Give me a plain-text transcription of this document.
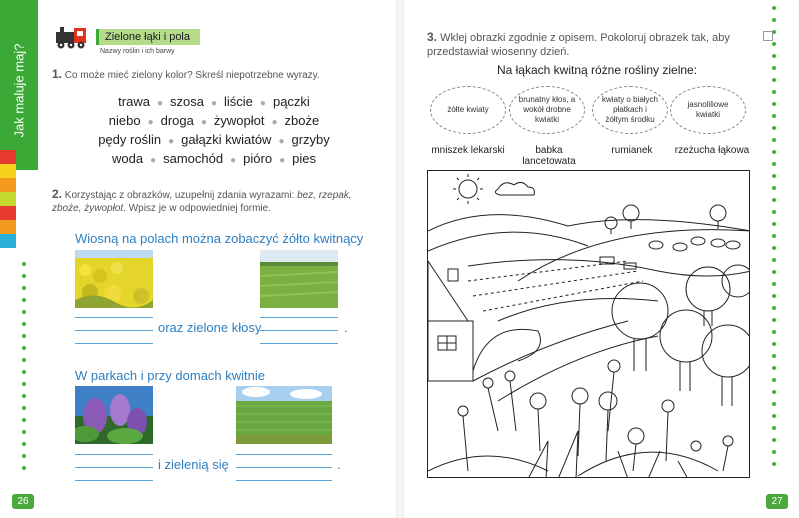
Jak maluje maj?
26
Zielone łąki i pola
Nazwy roślin i ich barwy
1. Co może mieć zielony kolor? Skreśl niepotrzebne wyrazy.
trawa ● szosa ● liście ● pączki
niebo ● droga ● żywopłot ● zboże
pędy roślin ● gałązki kwiatów ● grzyby
woda ● samochód ● pióro ● pies
2. Korzystając z obrazków, uzupełnij zdania wyrazami: bez, rzepak, zboże, żywopłot. Wpisz je w odpowiedniej formie.
Wiosną na polach można zobaczyć żółto kwitnący
oraz zielone kłosy	.
W parkach i przy domach kwitnie
i zielenią się	.
27
3. Wklej obrazki zgodnie z opisem. Pokoloruj obrazek tak, aby przedstawiał wiosenny dzień.
Na łąkach kwitną różne rośliny zielne:
żółte kwiaty
brunatny kłos, a wokół drobne kwiatki
kwiaty o białych płatkach i żółtym środku
jasnoliliowe kwiatki
mniszek lekarski	babka lancetowata
rumianek	rzeżucha łąkowa
